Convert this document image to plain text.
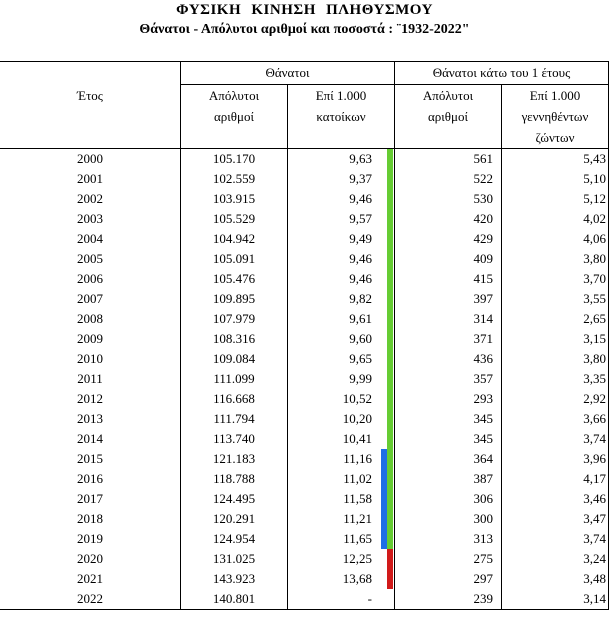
ΦΥΣΙΚΗ ΚΙΝΗΣΗ ΠΛΗΘΥΣΜΟΥ
Θάνατοι - Απόλυτοι αριθμοί και ποσοστά : ¨1932-2022"
	Θάνατοι		Θάνατοι κάτω του 1 έτους	
Έτος	Απόλυτοι	Επί 1.000	Απόλυτοι	Επί 1.000
	αριθμοί	κατοίκων	αριθμοί	γεννηθέντων
				ζώντων
2000	105.170	9,63	561	5,43
2001	102.559	9,37	522	5,10
2002	103.915	9,46	530	5,12
2003	105.529	9,57	420	4,02
2004	104.942	9,49	429	4,06
2005	105.091	9,46	409	3,80
2006	105.476	9,46	415	3,70
2007	109.895	9,82	397	3,55
2008	107.979	9,61	314	2,65
2009	108.316	9,60	371	3,15
2010	109.084	9,65	436	3,80
2011	111.099	9,99	357	3,35
2012	116.668	10,52	293	2,92
2013	111.794	10,20	345	3,66
2014	113.740	10,41	345	3,74
2015	121.183	11,16	364	3,96
2016	118.788	11,02	387	4,17
2017	124.495	11,58	306	3,46
2018	120.291	11,21	300	3,47
2019	124.954	11,65	313	3,74
2020	131.025	12,25	275	3,24
2021	143.923	13,68	297	3,48
2022	140.801	-	239	3,14
